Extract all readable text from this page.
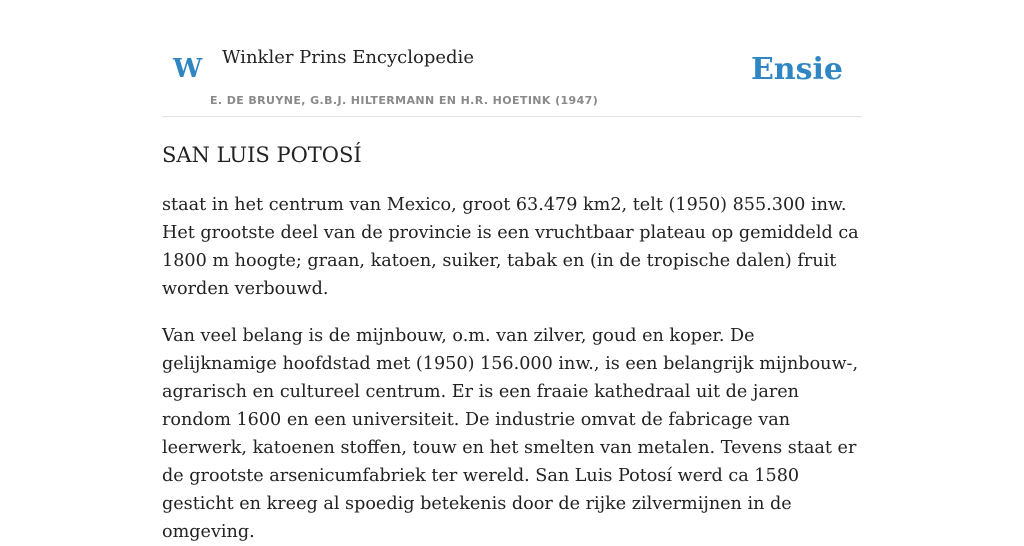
W Winkler Prins Encyclopedie
E. DE BRUYNE, G.B.J. HILTERMANN EN H.R. HOETINK (1947)
Ensie
SAN LUIS POTOSÍ

staat in het centrum van Mexico, groot 63.479 km2, telt (1950) 855.300 inw. Het grootste deel van de provincie is een vruchtbaar plateau op gemiddeld ca 1800 m hoogte; graan, katoen, suiker, tabak en (in de tropische dalen) fruit worden verbouwd.

Van veel belang is de mijnbouw, o.m. van zilver, goud en koper. De gelijknamige hoofdstad met (1950) 156.000 inw., is een belangrijk mijnbouw-, agrarisch en cultureel centrum. Er is een fraaie kathedraal uit de jaren rondom 1600 en een universiteit. De industrie omvat de fabricage van leerwerk, katoenen stoffen, touw en het smelten van metalen. Tevens staat er de grootste arsenicumfabriek ter wereld. San Luis Potosí werd ca 1580 gesticht en kreeg al spoedig betekenis door de rijke zilvermijnen in de omgeving.
